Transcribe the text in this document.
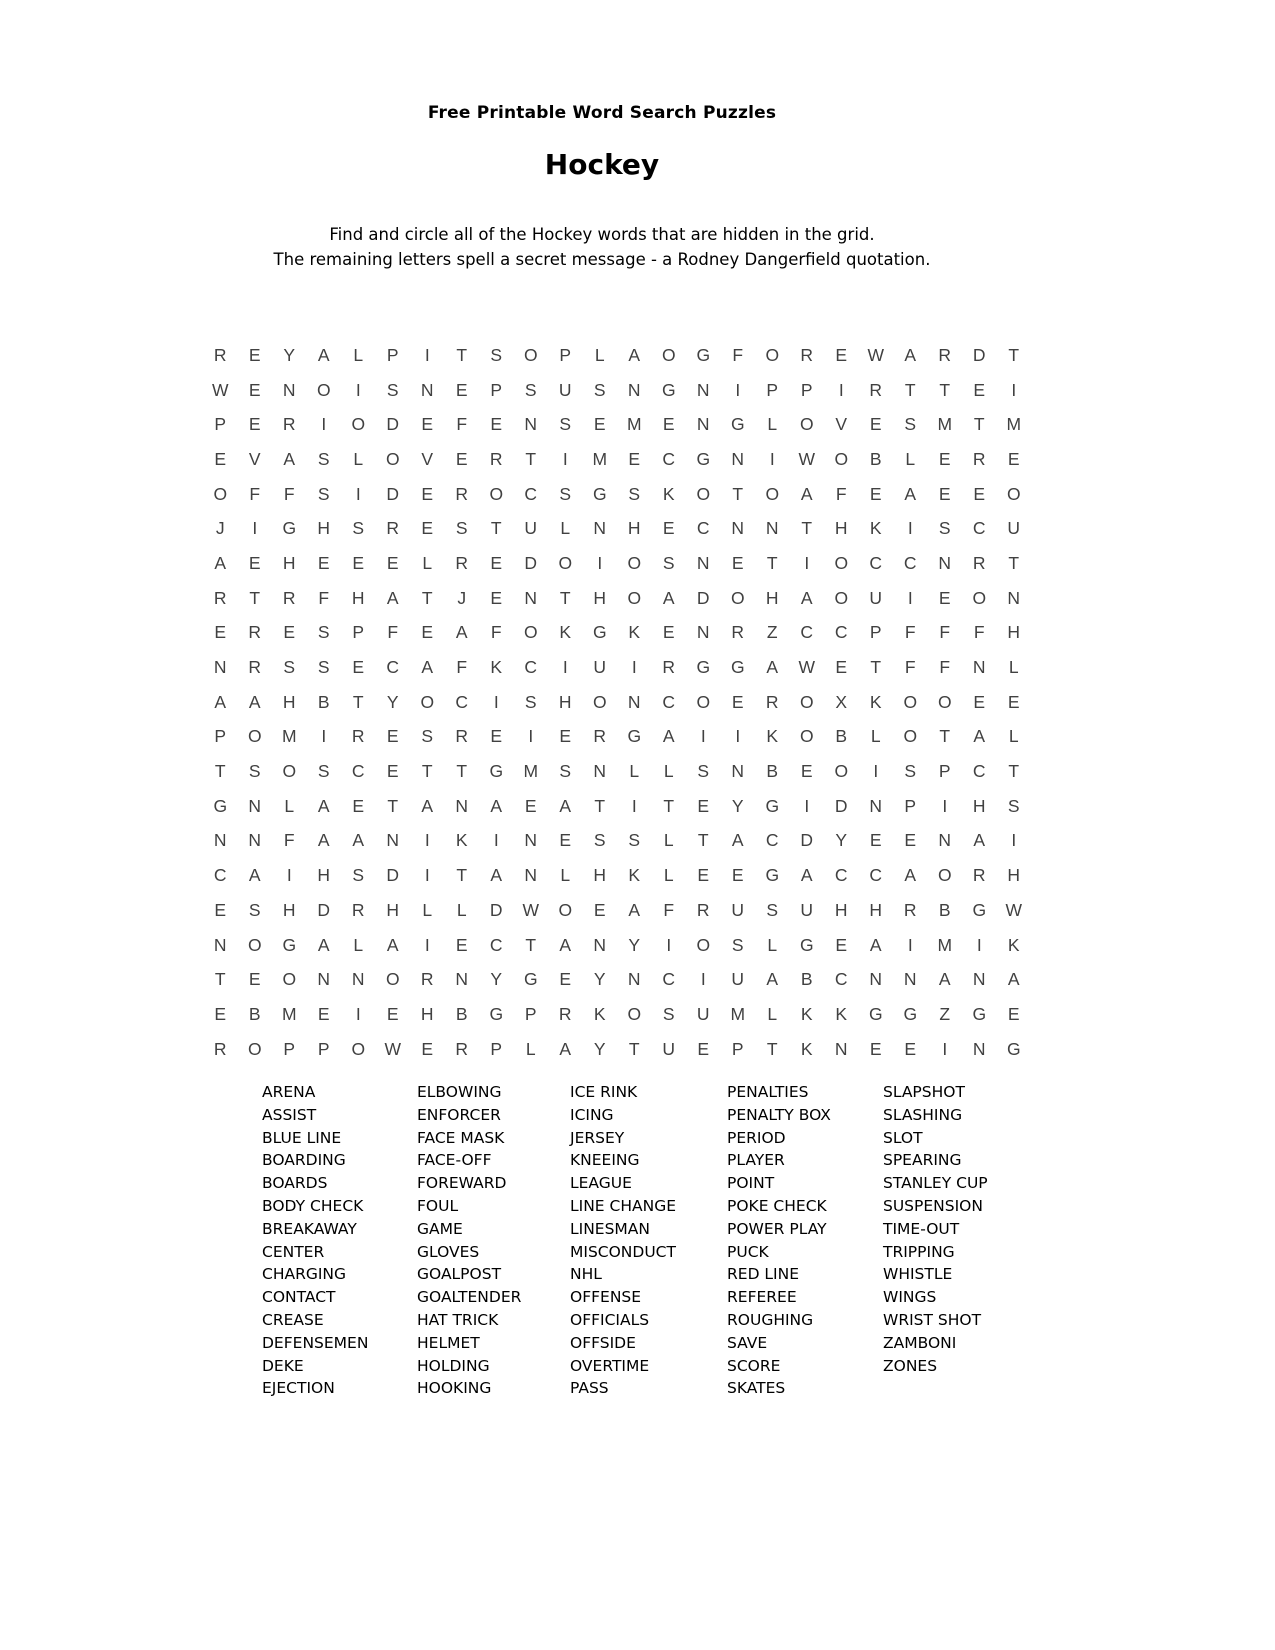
Free Printable Word Search Puzzles
Hockey
Find and circle all of the Hockey words that are hidden in the grid.
The remaining letters spell a secret message - a Rodney Dangerfield quotation.
R	E	Y	A	L	P	I	T	S	O	P	L	A	O	G	F	O	R	E	W	A	R	D	T
W	E	N	O	I	S	N	E	P	S	U	S	N	G	N	I	P	P	I	R	T	T	E	I
P	E	R	I	O	D	E	F	E	N	S	E	M	E	N	G	L	O	V	E	S	M	T	M
E	V	A	S	L	O	V	E	R	T	I	M	E	C	G	N	I	W	O	B	L	E	R	E
O	F	F	S	I	D	E	R	O	C	S	G	S	K	O	T	O	A	F	E	A	E	E	O
J	I	G	H	S	R	E	S	T	U	L	N	H	E	C	N	N	T	H	K	I	S	C	U
A	E	H	E	E	E	L	R	E	D	O	I	O	S	N	E	T	I	O	C	C	N	R	T
R	T	R	F	H	A	T	J	E	N	T	H	O	A	D	O	H	A	O	U	I	E	O	N
E	R	E	S	P	F	E	A	F	O	K	G	K	E	N	R	Z	C	C	P	F	F	F	H
N	R	S	S	E	C	A	F	K	C	I	U	I	R	G	G	A	W	E	T	F	F	N	L
A	A	H	B	T	Y	O	C	I	S	H	O	N	C	O	E	R	O	X	K	O	O	E	E
P	O	M	I	R	E	S	R	E	I	E	R	G	A	I	I	K	O	B	L	O	T	A	L
T	S	O	S	C	E	T	T	G	M	S	N	L	L	S	N	B	E	O	I	S	P	C	T
G	N	L	A	E	T	A	N	A	E	A	T	I	T	E	Y	G	I	D	N	P	I	H	S
N	N	F	A	A	N	I	K	I	N	E	S	S	L	T	A	C	D	Y	E	E	N	A	I
C	A	I	H	S	D	I	T	A	N	L	H	K	L	E	E	G	A	C	C	A	O	R	H
E	S	H	D	R	H	L	L	D	W	O	E	A	F	R	U	S	U	H	H	R	B	G	W
N	O	G	A	L	A	I	E	C	T	A	N	Y	I	O	S	L	G	E	A	I	M	I	K
T	E	O	N	N	O	R	N	Y	G	E	Y	N	C	I	U	A	B	C	N	N	A	N	A
E	B	M	E	I	E	H	B	G	P	R	K	O	S	U	M	L	K	K	G	G	Z	G	E
R	O	P	P	O	W	E	R	P	L	A	Y	T	U	E	P	T	K	N	E	E	I	N	G
ARENA
ASSIST
BLUE LINE
BOARDING
BOARDS
BODY CHECK
BREAKAWAY
CENTER
CHARGING
CONTACT
CREASE
DEFENSEMEN
DEKE
EJECTION
ELBOWING
ENFORCER
FACE MASK
FACE-OFF
FOREWARD
FOUL
GAME
GLOVES
GOALPOST
GOALTENDER
HAT TRICK
HELMET
HOLDING
HOOKING
ICE RINK
ICING
JERSEY
KNEEING
LEAGUE
LINE CHANGE
LINESMAN
MISCONDUCT
NHL
OFFENSE
OFFICIALS
OFFSIDE
OVERTIME
PASS
PENALTIES
PENALTY BOX
PERIOD
PLAYER
POINT
POKE CHECK
POWER PLAY
PUCK
RED LINE
REFEREE
ROUGHING
SAVE
SCORE
SKATES
SLAPSHOT
SLASHING
SLOT
SPEARING
STANLEY CUP
SUSPENSION
TIME-OUT
TRIPPING
WHISTLE
WINGS
WRIST SHOT
ZAMBONI
ZONES
